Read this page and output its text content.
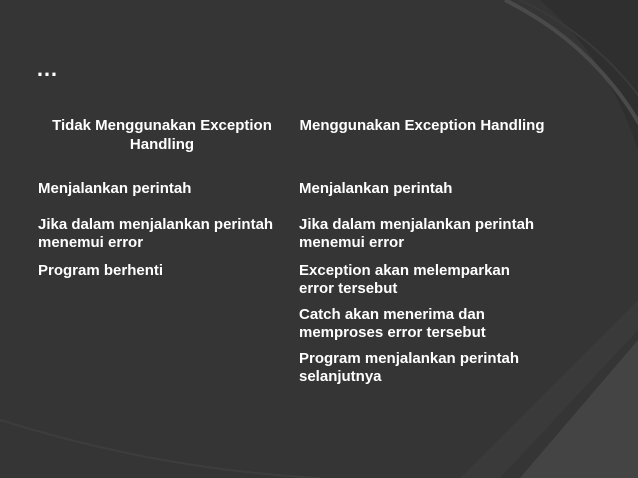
…
Tidak Menggunakan Exception Handling
Menggunakan Exception Handling
Menjalankan perintah
Jika dalam menjalankan perintah menemui error
Program berhenti
Menjalankan perintah
Jika dalam menjalankan perintah menemui error
Exception akan melemparkan error tersebut
Catch akan menerima dan memproses error tersebut
Program menjalankan perintah selanjutnya
